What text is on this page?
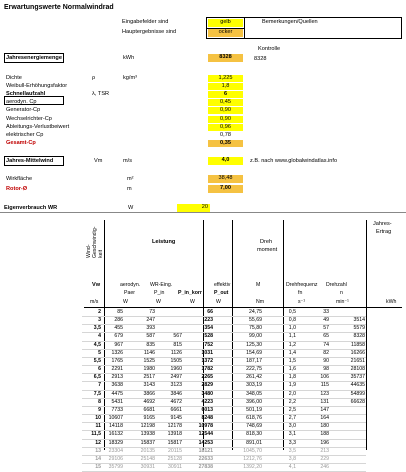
Erwartungswerte Normalwindrad
Eingabefelder sind	gelb	Bemerkungen/Quellen
Hauptergebnisse sind	ocker
Kontrolle
8328
Jahresenergiemenge	kWh	8328
Dichte	ρ	kg/m³	1,225
Weibull-Erhöhungsfaktor	1,8
Schnellaufzahl	λ, TSR	6
aerodyn. Cp	0,45
Generator-Cp	0,90
Wechselrichter-Cp	0,90
Ableitungs-Verlustbeiwert	0,96
elektrischer Cp	0,78
Gesamt-Cp	0,35
Jahres-Mittelwind	Vm	m/s	4,0	z.B. nach www.globalwindatlas.info
Wirkfläche	m²	38,48
Rotor-Ø	m	7,00
Eigenverbrauch WR	W	20
Wind-Geschwindig-keit
Leistung	Dreh
moment
Jahres-
Ertrag
Vw	aerodyn.
Paer
WR-Eing.
P_in	P_in_korr
effektiv
P_out
M	Drehfrequenz
fn
Drehzahl
n
m/s	W	W	W	W	Nm	s⁻¹	min⁻¹	kWh
2	85	73		66	24,75	0,5	33	
3	286	247		223	55,69	0,8	49	3514
3,5	455	393		354	75,80	1,0	57	5579
4	679	587	567	528	99,00	1,1	65	8328
4,5	967	835	815	752	125,30	1,2	74	11858
5	1326	1146	1126	1031	154,69	1,4	82	16266
5,5	1765	1525	1505	1372	187,17	1,5	90	21651
6	2291	1980	1960	1782	222,75	1,6	98	28108
6,5	2913	2517	2497	2265	261,42	1,8	106	35737
7	3638	3143	3123	2829	303,19	1,9	115	44635
7,5	4475	3866	3846	3480	348,05	2,0	123	54899
8	5431	4692	4672	4223	396,00	2,2	131	66628
9	7733	6681	6661	6013	501,19	2,5	147	
10	10607	9165	9145	8248	618,76	2,7	164	
11	14118	12198	12178	10978	748,69	3,0	180	
11,5	16132	13938	13918	12544	818,30	3,1	188	
12	18329	15837	15817	14253	891,01	3,3	196	
13	23304	20135	20115	18121	1045,70	3,5	213	
14	29106	25148	25128	22633	1212,76	3,8	229	
15	35799	30931	30911	27838	1392,20	4,1	246	
